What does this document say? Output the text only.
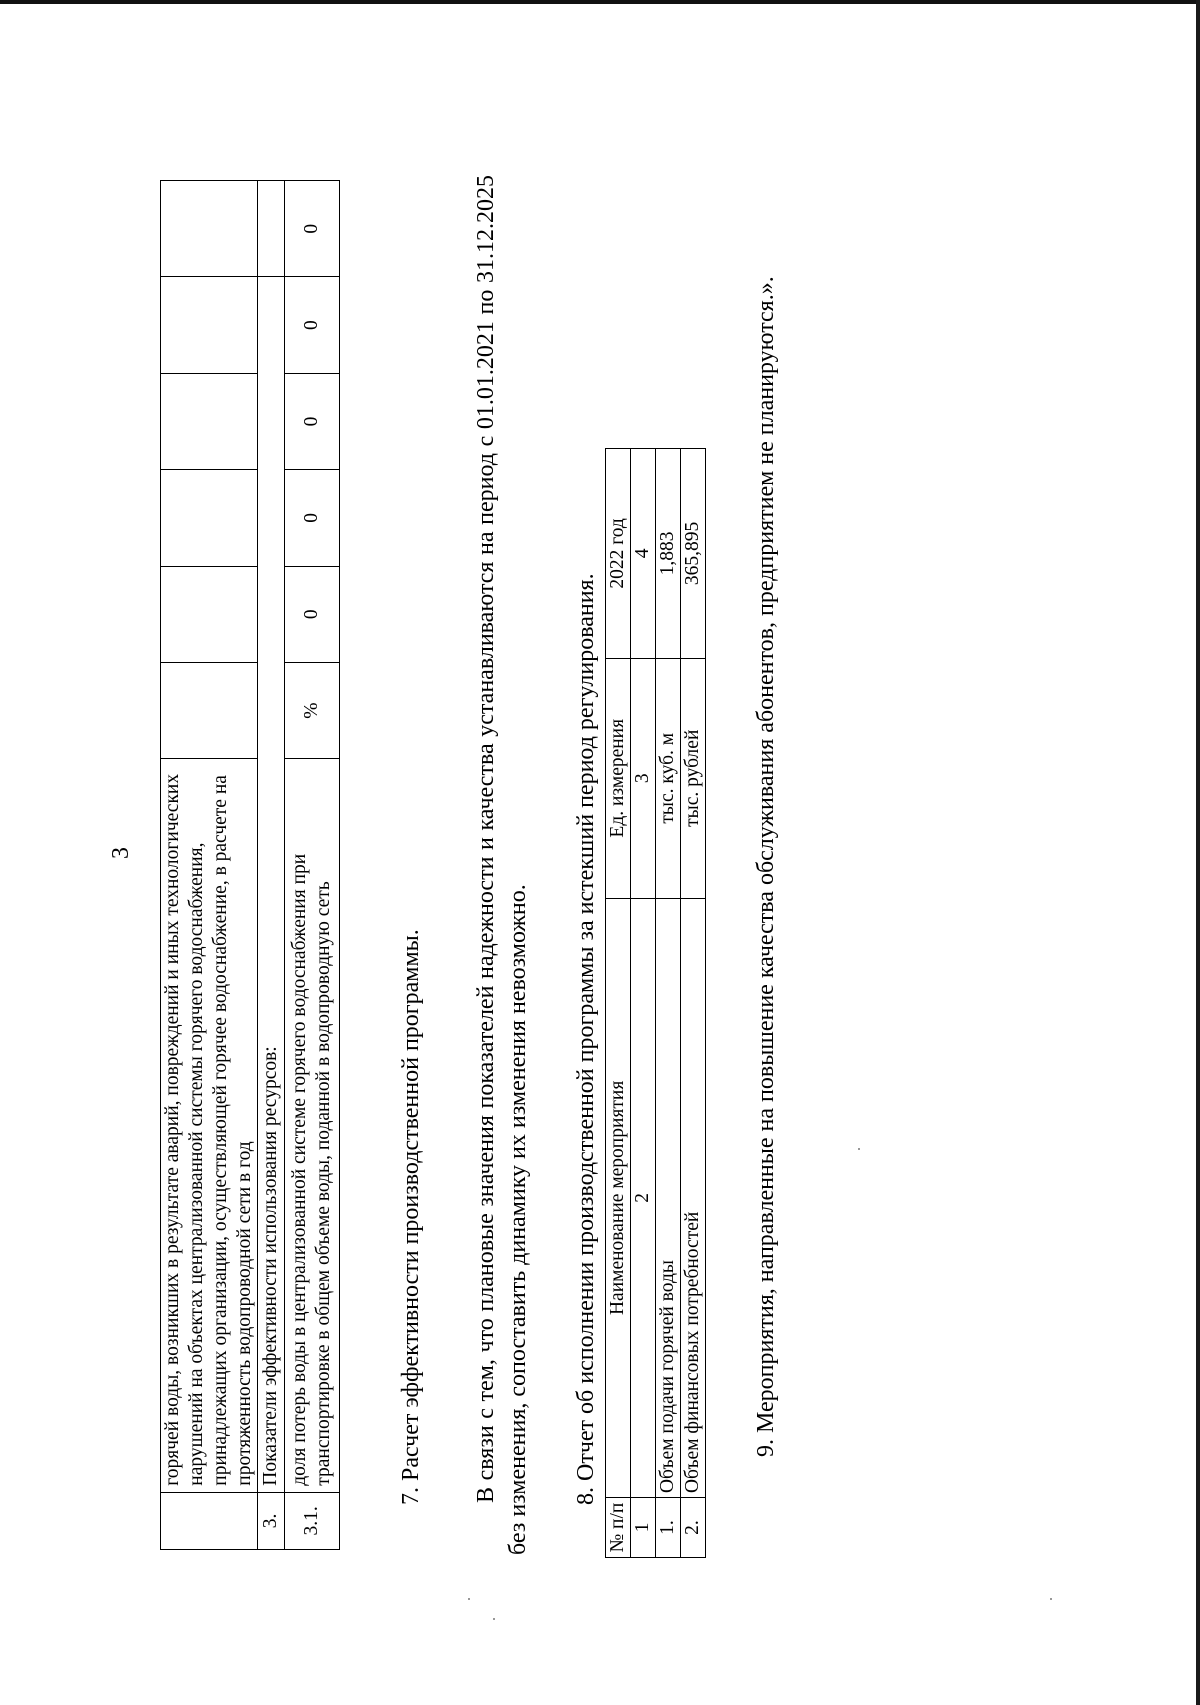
3
	горячей воды, возникших в результате аварий, повреждений и иных технологических нарушений на объектах централизованной системы горячего водоснабжения, принадлежащих организации, осуществляющей горячее водоснабжение, в расчете на протяженность водопроводной сети в год						
3.	Показатели эффективности использования ресурсов:						
3.1.	доля потерь воды в централизованной системе горячего водоснабжения при транспортировке в общем объеме воды, поданной в водопроводную сеть	%	0	0	0	0	0
7. Расчет эффективности производственной программы. В связи с тем, что плановые значения показателей надежности и качества устанавливаются на период с 01.01.2021 по 31.12.2025 без изменения, сопоставить динамику их изменения невозможно. 8. Отчет об исполнении производственной программы за истекший период регулирования.
№ п/п	Наименование мероприятия	Ед. измерения	2022 год
1	2	3	4
1.	Объем подачи горячей воды	тыс. куб. м	1,883
2.	Объем финансовых потребностей	тыс. рублей	365,895 9. Мероприятия, направленные на повышение качества обслуживания абонентов, предприятием не планируются.».
